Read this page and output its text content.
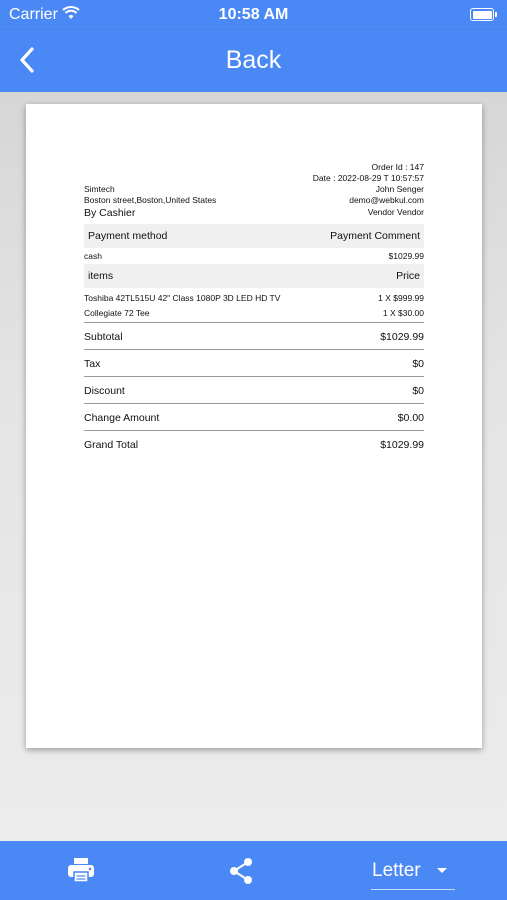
Carrier	10:58 AM
Back
Order Id : 147
Date : 2022-08-29 T 10:57:57
Simtech	John Senger
Boston street,Boston,United States	demo@webkul.com
By Cashier	Vendor Vendor
Payment method	Payment Comment
cash	$1029.99
items	Price
Toshiba 42TL515U 42" Class 1080P 3D LED HD TV	1 X $999.99
Collegiate 72 Tee	1 X $30.00
Subtotal	$1029.99
Tax	$0
Discount	$0
Change Amount	$0.00
Grand Total	$1029.99
Letter
